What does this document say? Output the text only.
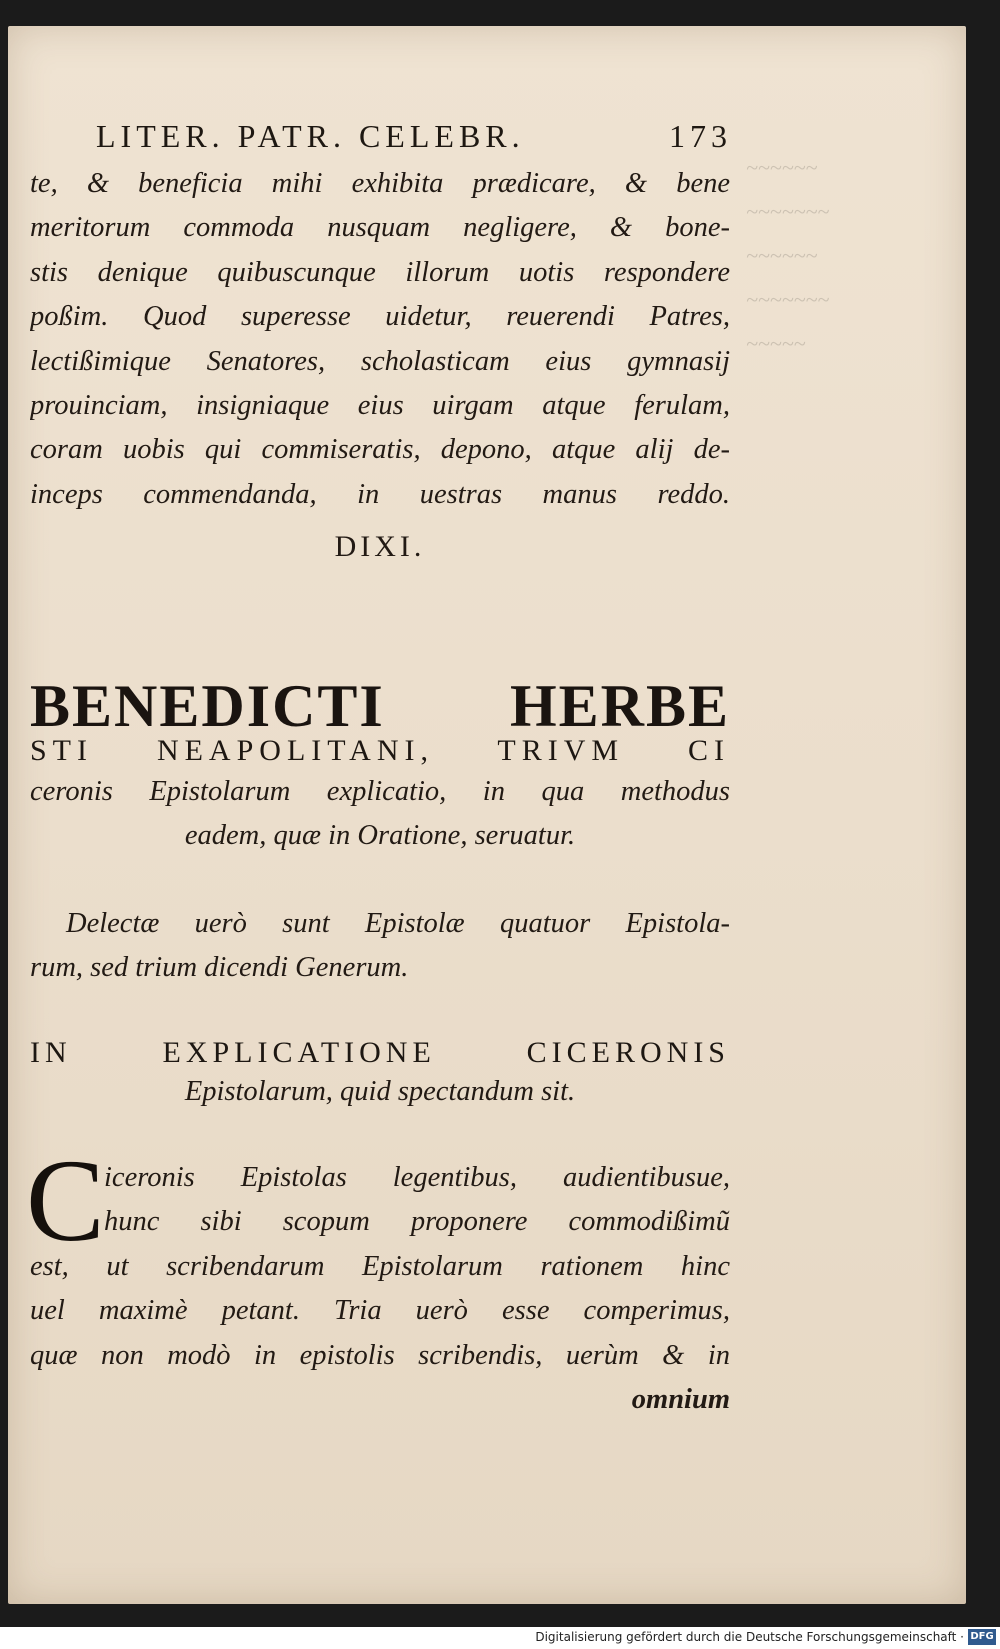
~~~~~~
~~~~~~~
~~~~~~
~~~~~~~
~~~~~
LITER. PATR. CELEBR.	173
te, & beneficia mihi exhibita prædicare, & bene
meritorum commoda nusquam negligere, & bone-
stis denique quibuscunque illorum uotis respondere
poßim. Quod superesse uidetur, reuerendi Patres,
lectißimique Senatores, scholasticam eius gymnasij
prouinciam, insigniaque eius uirgam atque ferulam,
coram uobis qui commiseratis, depono, atque alij de-
inceps commendanda, in uestras manus reddo.
DIXI.
BENEDICTI HERBE
STI NEAPOLITANI, TRIVM CI
ceronis Epistolarum explicatio, in qua methodus
eadem, quæ in Oratione, seruatur.
Delectæ uerò sunt Epistolæ quatuor Epistola-
rum, sed trium dicendi Generum.
IN EXPLICATIONE CICERONIS
Epistolarum, quid spectandum sit.
C iceronis Epistolas legentibus, audientibusue,
hunc sibi scopum proponere commodißimũ
est, ut scribendarum Epistolarum rationem hinc
uel maximè petant. Tria uerò esse comperimus,
quæ non modò in epistolis scribendis, uerùm & in
omnium
Digitalisierung gefördert durch die Deutsche Forschungsgemeinschaft · DFG
